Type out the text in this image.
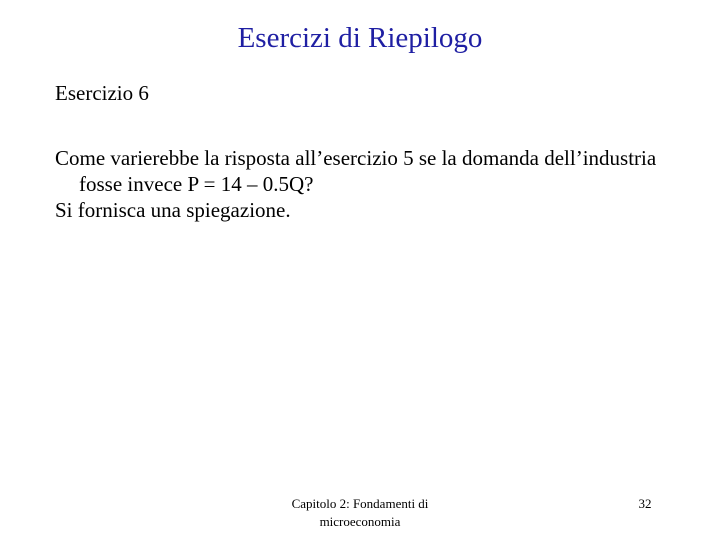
Esercizi di Riepilogo
Esercizio 6

Come varierebbe la risposta all’esercizio 5 se la domanda dell’industria fosse invece P = 14 – 0.5Q?

Si fornisca una spiegazione.

Capitolo 2: Fondamenti di microeconomia
32
